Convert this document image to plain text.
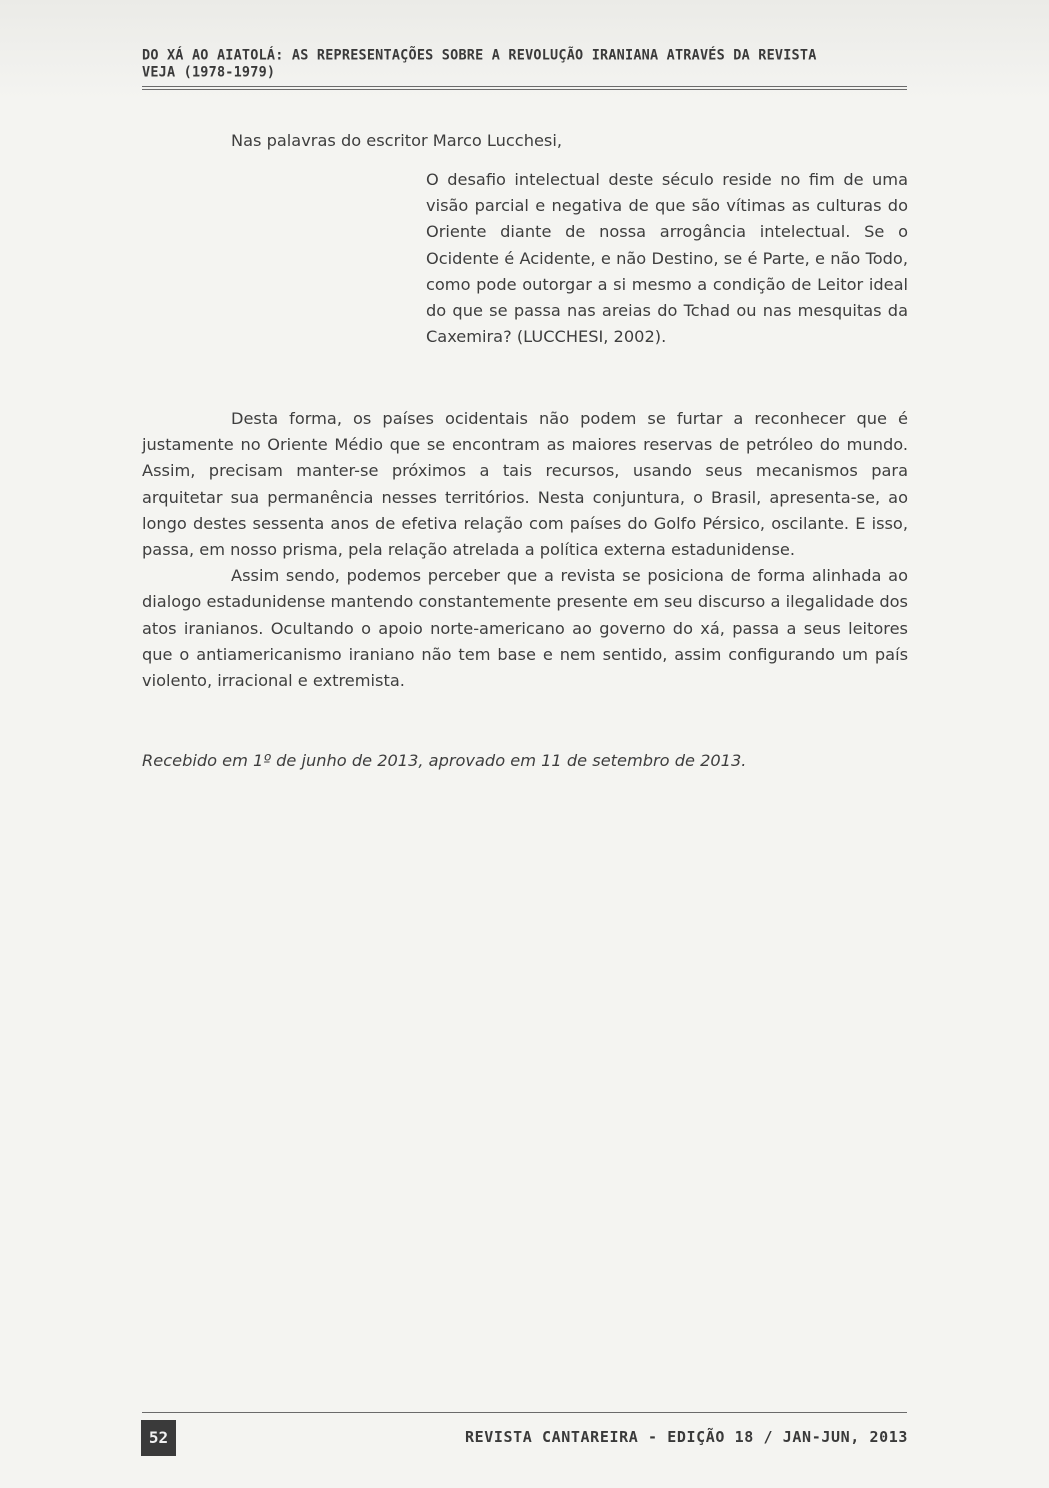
DO XÁ AO AIATOLÁ: AS REPRESENTAÇÕES SOBRE A REVOLUÇÃO IRANIANA ATRAVÉS DA REVISTA
VEJA (1978-1979)
Nas palavras do escritor Marco Lucchesi,
O desafio intelectual deste século reside no fim de uma visão parcial e negativa de que são vítimas as culturas do Oriente diante de nossa arrogância intelectual. Se o Ocidente é Acidente, e não Destino, se é Parte, e não Todo, como pode outorgar a si mesmo a condição de Leitor ideal do que se passa nas areias do Tchad ou nas mesquitas da Caxemira? (LUCCHESI, 2002).

Desta forma, os países ocidentais não podem se furtar a reconhecer que é justamente no Oriente Médio que se encontram as maiores reservas de petróleo do mundo. Assim, precisam manter-se próximos a tais recursos, usando seus mecanismos para arquitetar sua permanência nesses territórios. Nesta conjuntura, o Brasil, apresenta-se, ao longo destes sessenta anos de efetiva relação com países do Golfo Pérsico, oscilante. E isso, passa, em nosso prisma, pela relação atrelada a política externa estadunidense.

Assim sendo, podemos perceber que a revista se posiciona de forma alinhada ao dialogo estadunidense mantendo constantemente presente em seu discurso a ilegalidade dos atos iranianos. Ocultando o apoio norte-americano ao governo do xá, passa a seus leitores que o antiamericanismo iraniano não tem base e nem sentido, assim configurando um país violento, irracional e extremista.

Recebido em 1º de junho de 2013, aprovado em 11 de setembro de 2013.
52	REVISTA CANTAREIRA - EDIÇÃO 18 / JAN-JUN, 2013
